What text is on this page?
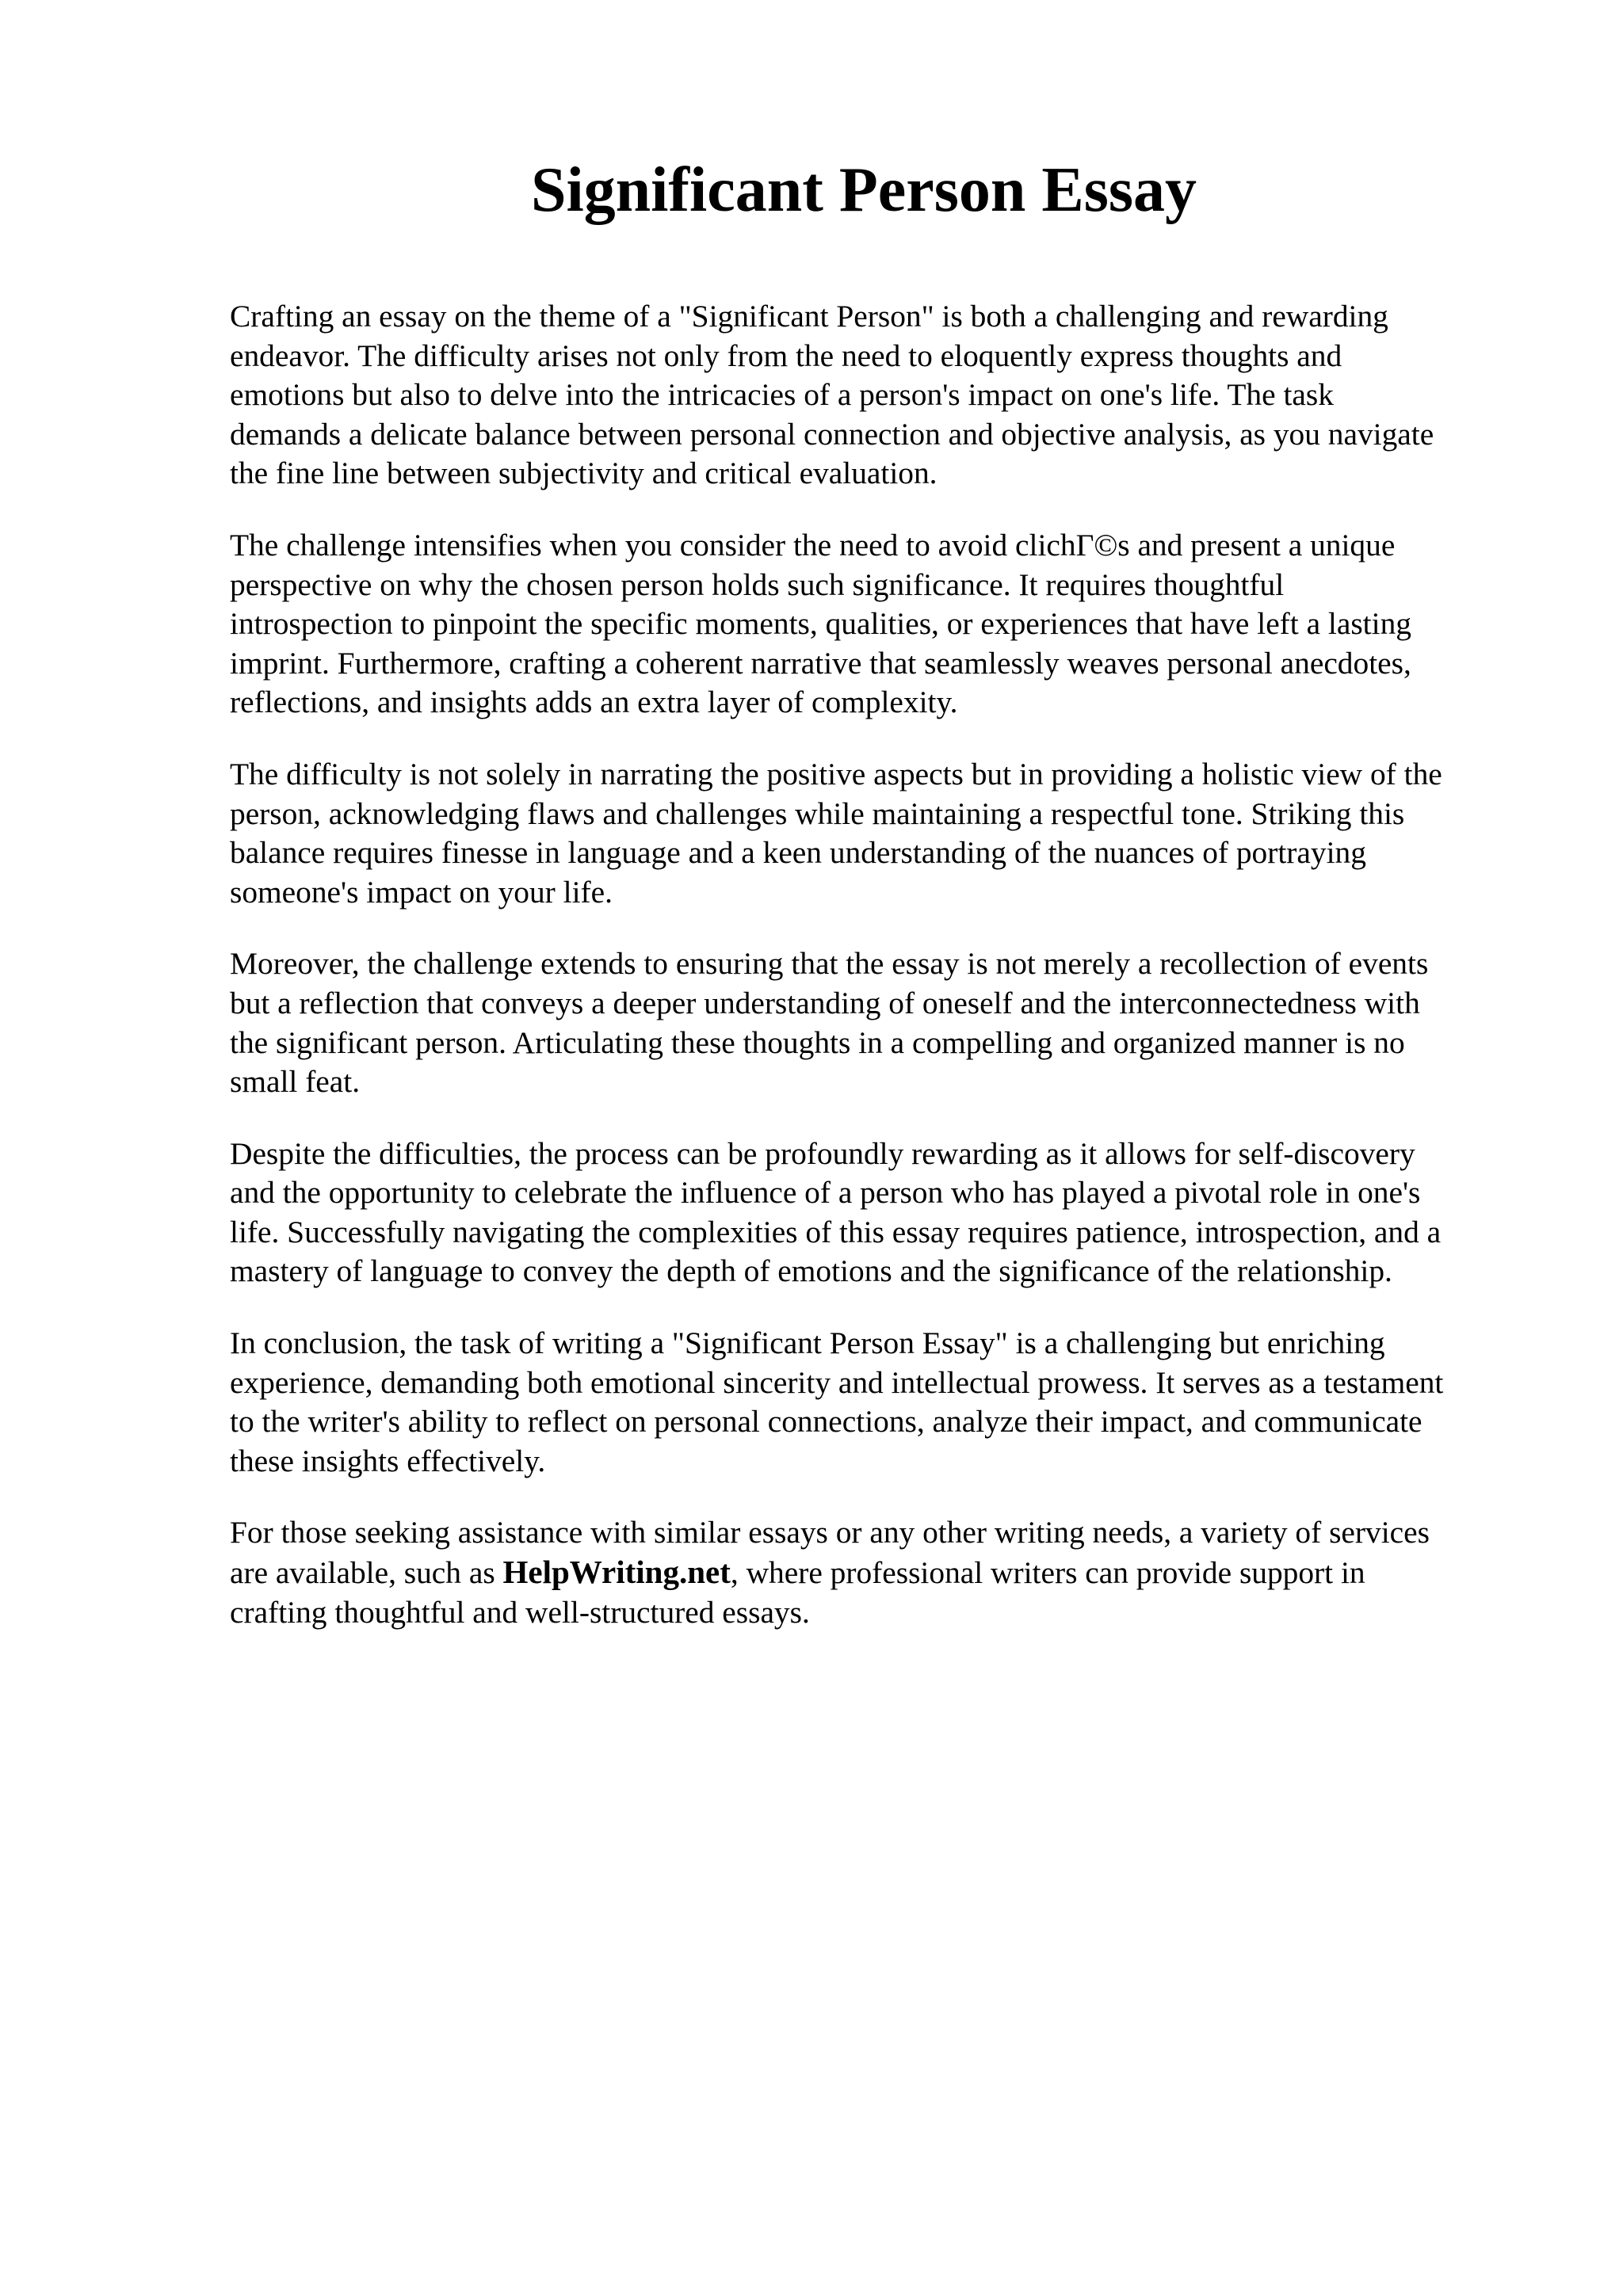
Significant Person Essay

Crafting an essay on the theme of a "Significant Person" is both a challenging and rewarding
endeavor. The difficulty arises not only from the need to eloquently express thoughts and
emotions but also to delve into the intricacies of a person's impact on one's life. The task
demands a delicate balance between personal connection and objective analysis, as you navigate
the fine line between subjectivity and critical evaluation.

The challenge intensifies when you consider the need to avoid clichГ©s and present a unique
perspective on why the chosen person holds such significance. It requires thoughtful
introspection to pinpoint the specific moments, qualities, or experiences that have left a lasting
imprint. Furthermore, crafting a coherent narrative that seamlessly weaves personal anecdotes,
reflections, and insights adds an extra layer of complexity.

The difficulty is not solely in narrating the positive aspects but in providing a holistic view of the
person, acknowledging flaws and challenges while maintaining a respectful tone. Striking this
balance requires finesse in language and a keen understanding of the nuances of portraying
someone's impact on your life.

Moreover, the challenge extends to ensuring that the essay is not merely a recollection of events
but a reflection that conveys a deeper understanding of oneself and the interconnectedness with
the significant person. Articulating these thoughts in a compelling and organized manner is no
small feat.

Despite the difficulties, the process can be profoundly rewarding as it allows for self-discovery
and the opportunity to celebrate the influence of a person who has played a pivotal role in one's
life. Successfully navigating the complexities of this essay requires patience, introspection, and a
mastery of language to convey the depth of emotions and the significance of the relationship.

In conclusion, the task of writing a "Significant Person Essay" is a challenging but enriching
experience, demanding both emotional sincerity and intellectual prowess. It serves as a testament
to the writer's ability to reflect on personal connections, analyze their impact, and communicate
these insights effectively.

For those seeking assistance with similar essays or any other writing needs, a variety of services
are available, such as HelpWriting.net, where professional writers can provide support in
crafting thoughtful and well-structured essays.
